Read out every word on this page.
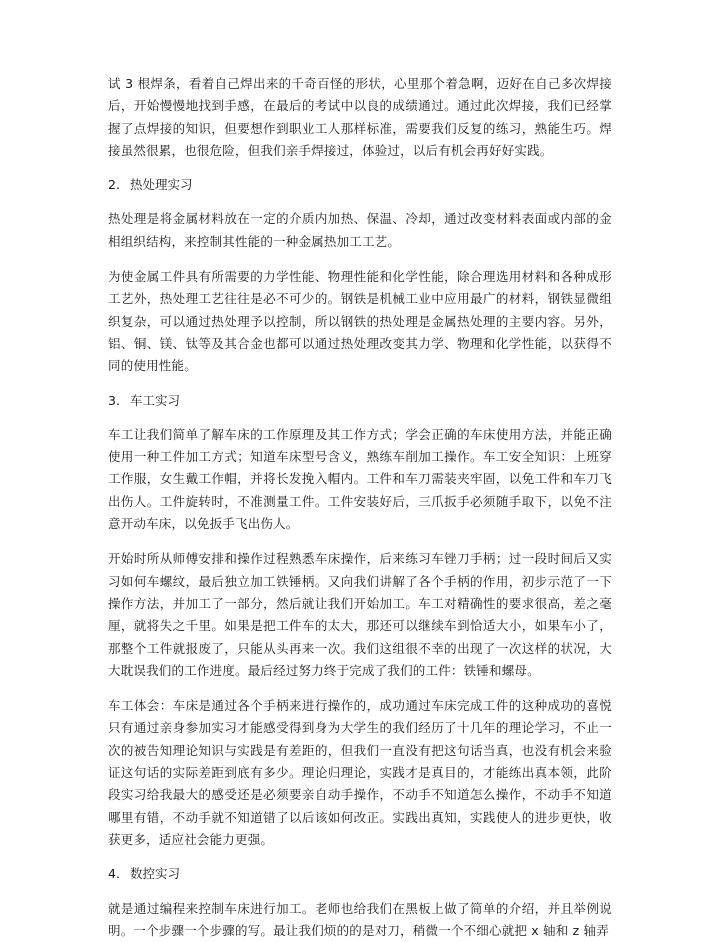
试 3 根焊条，看着自己焊出来的千奇百怪的形状，心里那个着急啊，迈好在自己多次焊接后，开始慢慢地找到手感，在最后的考试中以良的成绩通过。通过此次焊接，我们已经掌握了点焊接的知识，但要想作到职业工人那样标准，需要我们反复的练习，熟能生巧。焊接虽然很累，也很危险，但我们亲手焊接过，体验过，以后有机会再好好实践。

2. 热处理实习

热处理是将金属材料放在一定的介质内加热、保温、冷却，通过改变材料表面或内部的金相组织结构，来控制其性能的一种金属热加工工艺。

为使金属工件具有所需要的力学性能、物理性能和化学性能，除合理选用材料和各种成形工艺外，热处理工艺往往是必不可少的。钢铁是机械工业中应用最广的材料，钢铁显微组织复杂，可以通过热处理予以控制，所以钢铁的热处理是金属热处理的主要内容。另外，铝、铜、镁、钛等及其合金也都可以通过热处理改变其力学、物理和化学性能，以获得不同的使用性能。

3. 车工实习

车工让我们简单了解车床的工作原理及其工作方式；学会正确的车床使用方法，并能正确使用一种工件加工方式；知道车床型号含义，熟练车削加工操作。车工安全知识：上班穿工作服，女生戴工作帽，并将长发挽入帽内。工件和车刀需装夹牢固，以免工件和车刀飞出伤人。工件旋转时，不准测量工件。工件安装好后，三爪扳手必须随手取下，以免不注意开动车床，以免扳手飞出伤人。

开始时所从师傅安排和操作过程熟悉车床操作，后来练习车锉刀手柄；过一段时间后又实习如何车螺纹，最后独立加工铁锤柄。又向我们讲解了各个手柄的作用，初步示范了一下操作方法，并加工了一部分，然后就让我们开始加工。车工对精确性的要求很高，差之毫厘，就将失之千里。如果是把工件车的太大，那还可以继续车到恰适大小，如果车小了，那整个工件就报废了，只能从头再来一次。我们这组很不幸的出现了一次这样的状况，大大耽误我们的工作进度。最后经过努力终于完成了我们的工件：铁锤和螺母。

车工体会：车床是通过各个手柄来进行操作的，成功通过车床完成工件的这种成功的喜悦只有通过亲身参加实习才能感受得到身为大学生的我们经历了十几年的理论学习，不止一次的被告知理论知识与实践是有差距的，但我们一直没有把这句话当真，也没有机会来验证这句话的实际差距到底有多少。理论归理论，实践才是真目的，才能练出真本领，此阶段实习给我最大的感受还是必须要亲自动手操作，不动手不知道怎么操作，不动手不知道哪里有错，不动手就不知道错了以后该如何改正。实践出真知，实践使人的进步更快，收获更多，适应社会能力更强。

4. 数控实习

就是通过编程来控制车床进行加工。老师也给我们在黑板上做了简单的介绍，并且举例说明。一个步骤一个步骤的写。最让我们烦的的是对刀，稍微一个不细心就把 x 轴和 z 轴弄
